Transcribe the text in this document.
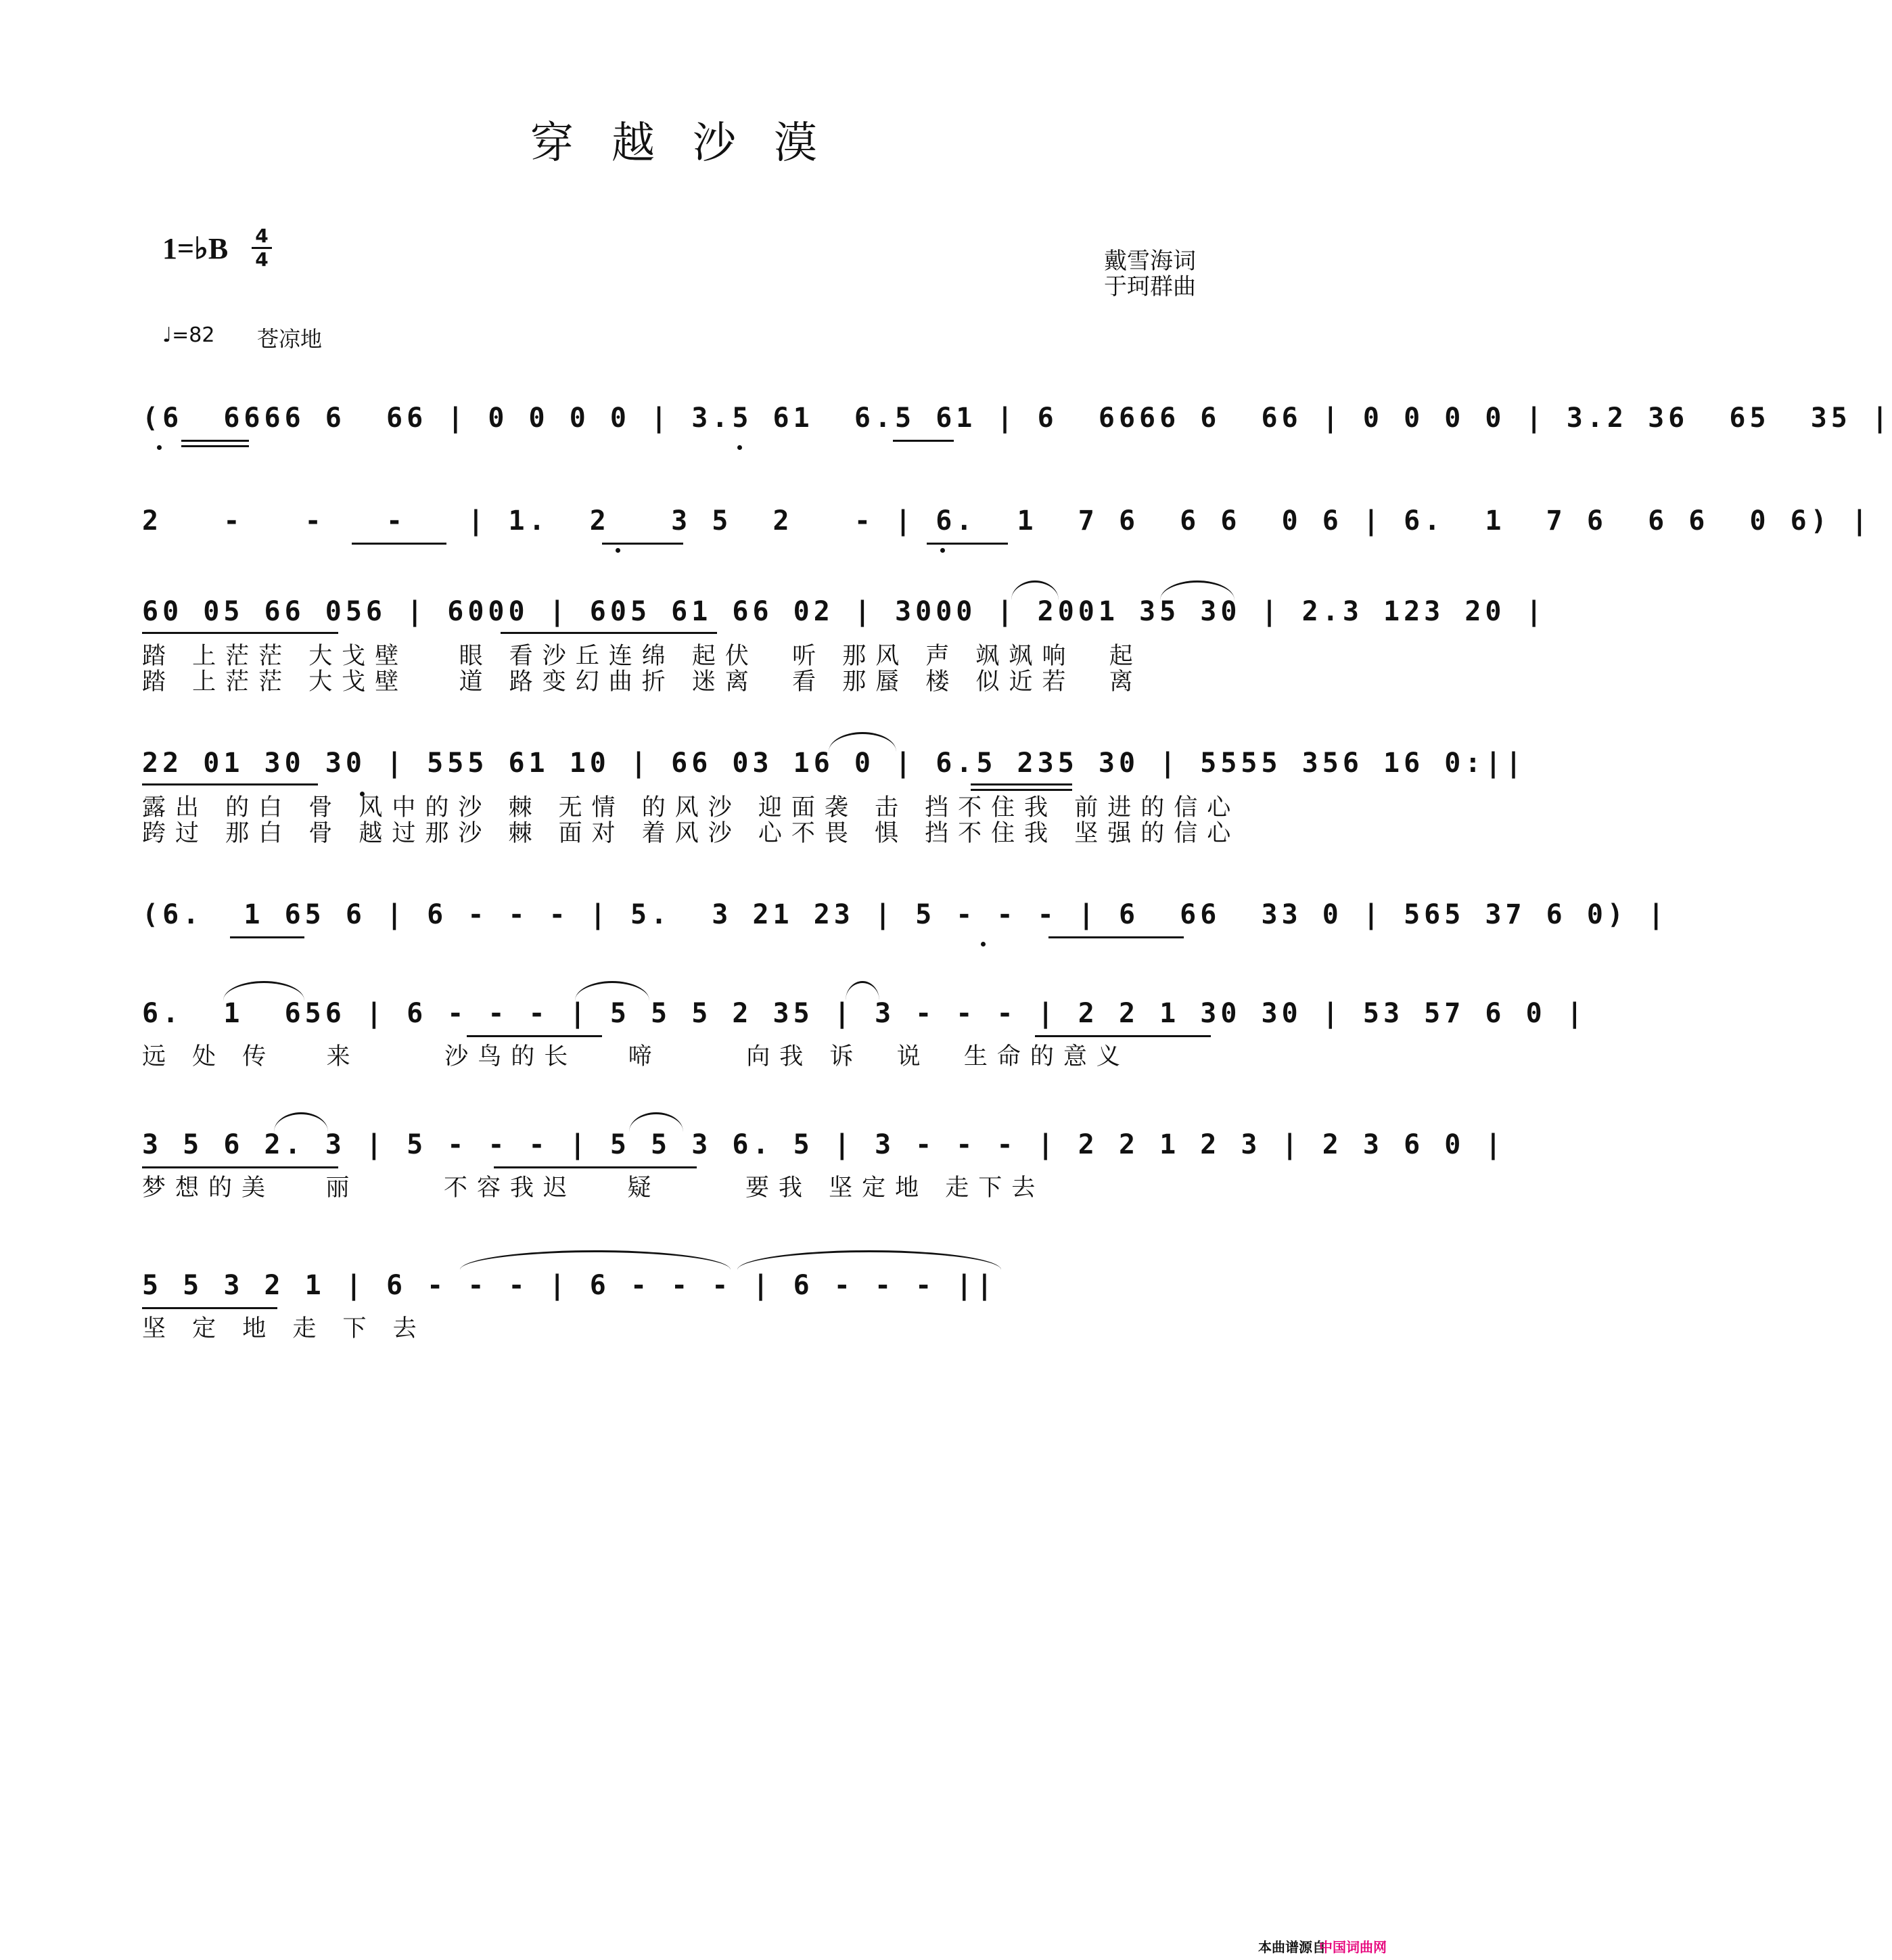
穿越沙漠
1=♭B 4
4
♩=82 苍凉地
戴雪海词
于珂群曲
(6  6666 6  66 | 0 0 0 0 | 3.5 61  6.5 61 | 6  6666 6  66 | 0 0 0 0 | 3.2 36  65  35 |
2   -   -   -   | 1.  2   3 5  2   - | 6.  1  7 6  6 6  0 6 | 6.  1  7 6  6 6  0 6) |
60 05 66 056 | 6000 | 605 61 66 02 | 3000 | 2001 35 30 | 2.3 123 20 |
踏 上茫茫 大戈壁   眼 看沙丘连绵 起伏  听 那风 声 飒飒响  起
踏 上茫茫 大戈壁   道 路变幻曲折 迷离  看 那蜃 楼 似近若  离
22 01 30 30 | 555 61 10 | 66 03 16 0 | 6.5 235 30 | 5555 356 16 0:||
露出 的白 骨 风中的沙 棘 无情 的风沙 迎面袭 击 挡不住我 前进的信心
跨过 那白 骨 越过那沙 棘 面对 着风沙 心不畏 惧 挡不住我 坚强的信心
(6.  1 65 6 | 6 - - - | 5.  3 21 23 | 5 - - - | 6  66  33 0 | 565 37 6 0) |
6.  1  656 | 6 - - - | 5 5 5 2 35 | 3 - - - | 2 2 1 30 30 | 53 57 6 0 |
远 处 传   来     沙鸟的长   啼     向我 诉  说  生命的意义
3 5 6 2. 3 | 5 - - - | 5 5 3 6. 5 | 3 - - - | 2 2 1 2 3 | 2 3 6 0 |
梦想的美   丽     不容我迟   疑     要我 坚定地 走下去
5 5 3 2 1 | 6 - - - | 6 - - - | 6 - - - ||
坚 定 地 走 下 去
本曲谱源自
中国词曲网
